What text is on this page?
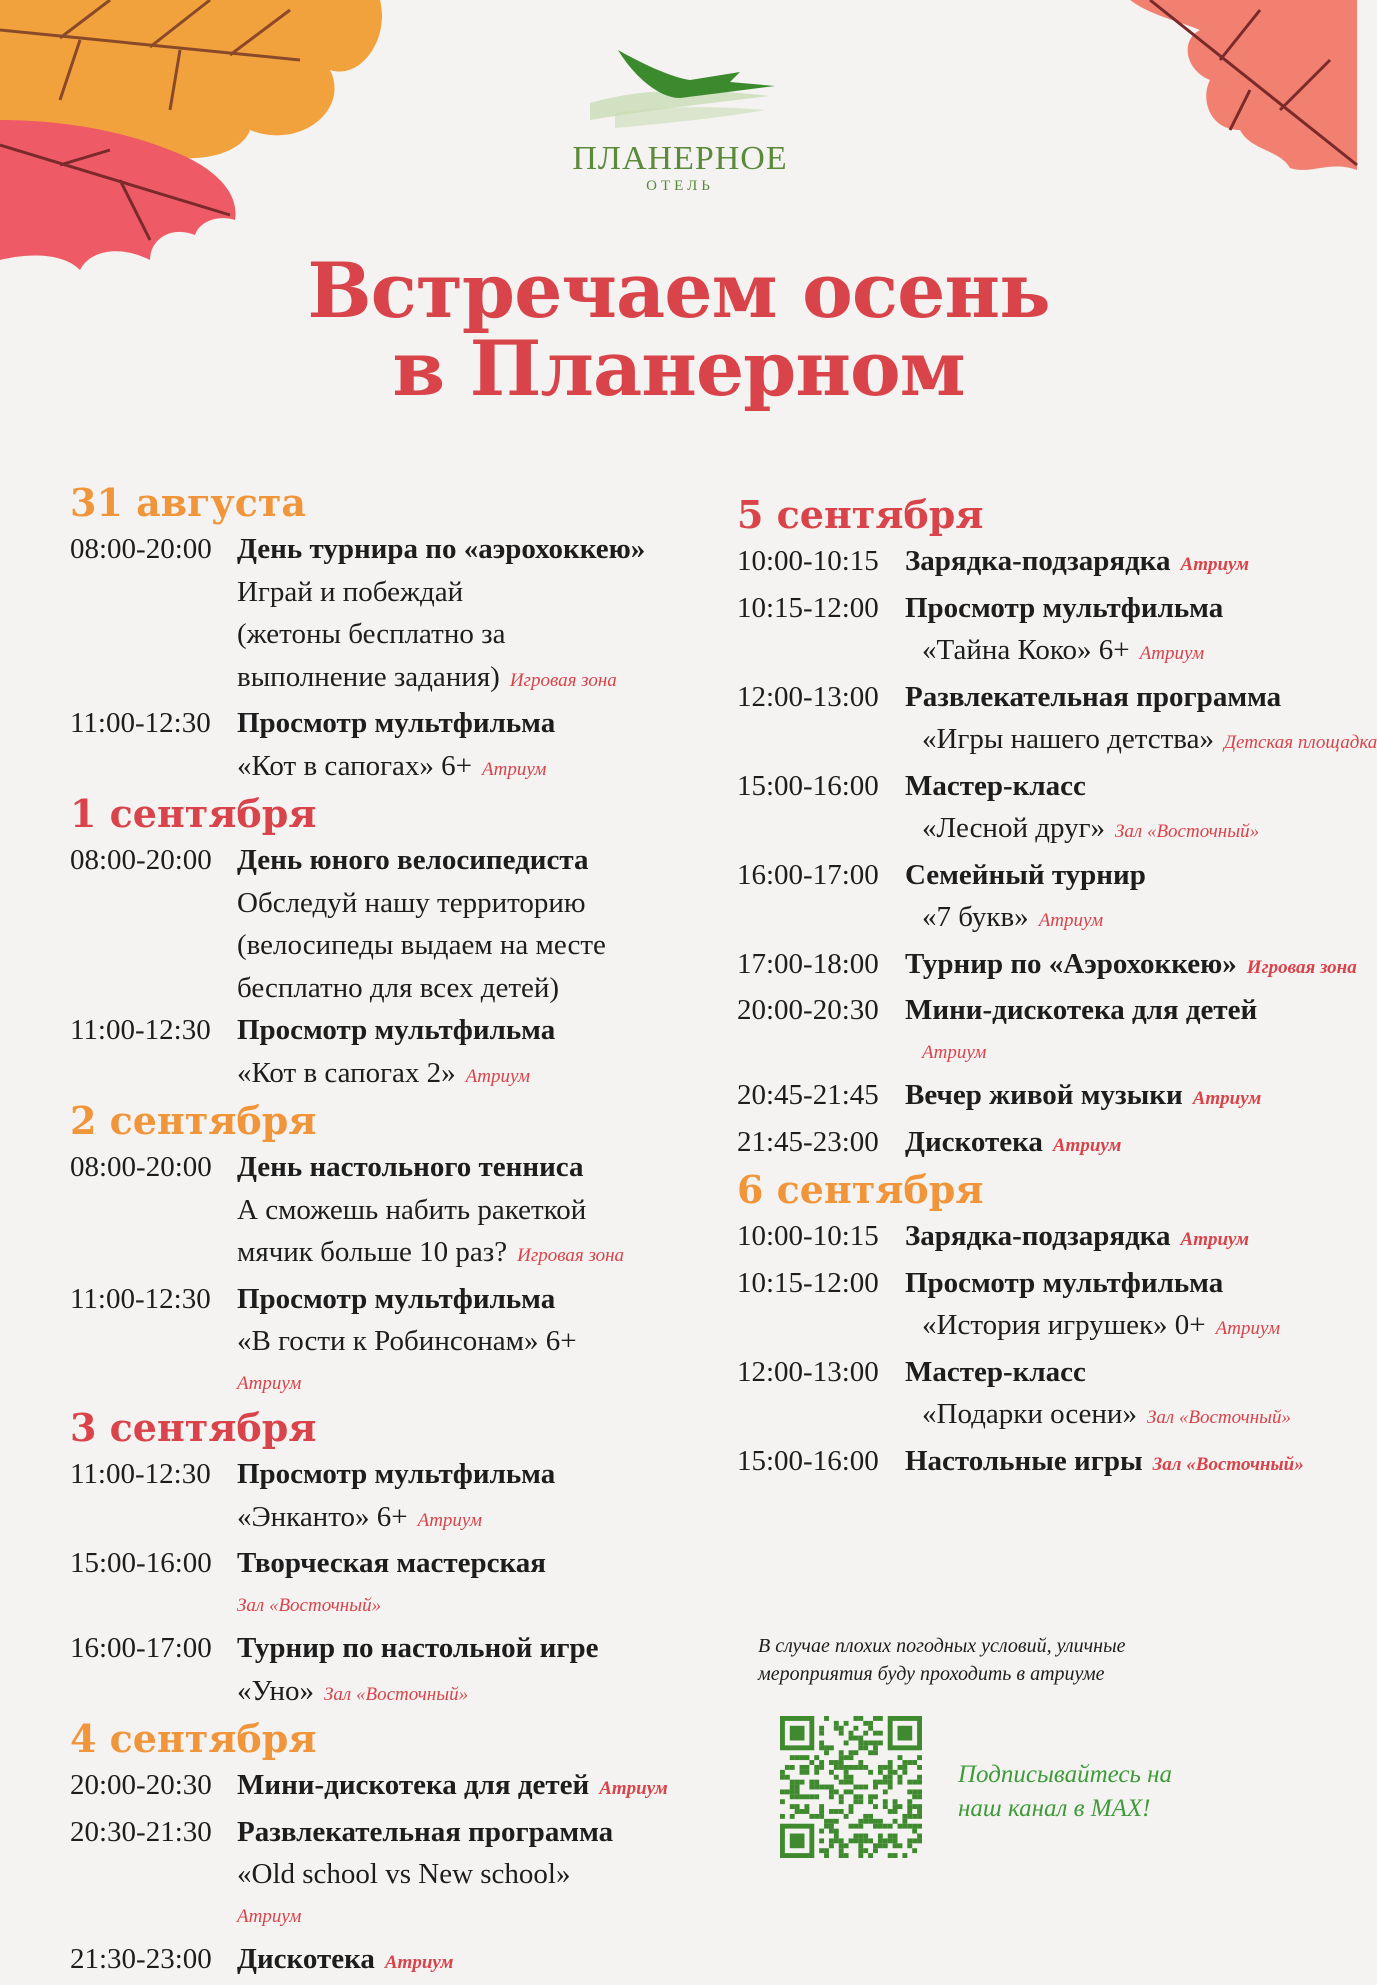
ПЛАНЕРНОЕ
ОТЕЛЬ
Встречаем осень
в Планерном
31 августа
08:00-20:00 День турнира по «аэрохоккею»
Играй и побеждай
(жетоны бесплатно за
выполнение задания) Игровая зона
11:00-12:30 Просмотр мультфильма
«Кот в сапогах» 6+ Атриум
1 сентября
08:00-20:00 День юного велосипедиста
Обследуй нашу территорию
(велосипеды выдаем на месте
бесплатно для всех детей)
11:00-12:30 Просмотр мультфильма
«Кот в сапогах 2» Атриум
2 сентября
08:00-20:00 День настольного тенниса
А сможешь набить ракеткой
мячик больше 10 раз? Игровая зона
11:00-12:30 Просмотр мультфильма
«В гости к Робинсонам» 6+
Атриум
3 сентября
11:00-12:30 Просмотр мультфильма
«Энканто» 6+ Атриум
15:00-16:00 Творческая мастерская
Зал «Восточный»
16:00-17:00 Турнир по настольной игре
«Уно» Зал «Восточный»
4 сентября
20:00-20:30 Мини-дискотека для детей Атриум
20:30-21:30 Развлекательная программа
«Old school vs New school»
Атриум
21:30-23:00 Дискотека Атриум
5 сентября
10:00-10:15 Зарядка-подзарядка Атриум
10:15-12:00 Просмотр мультфильма
«Тайна Коко» 6+ Атриум
12:00-13:00 Развлекательная программа
«Игры нашего детства» Детская площадка
15:00-16:00 Мастер-класс
«Лесной друг» Зал «Восточный»
16:00-17:00 Семейный турнир
«7 букв» Атриум
17:00-18:00 Турнир по «Аэрохоккею» Игровая зона
20:00-20:30 Мини-дискотека для детей
Атриум
20:45-21:45 Вечер живой музыки Атриум
21:45-23:00 Дискотека Атриум
6 сентября
10:00-10:15 Зарядка-подзарядка Атриум
10:15-12:00 Просмотр мультфильма
«История игрушек» 0+ Атриум
12:00-13:00 Мастер-класс
«Подарки осени» Зал «Восточный»
15:00-16:00 Настольные игры Зал «Восточный»
В случае плохих погодных условий, уличные мероприятия буду проходить в атриуме
Подписывайтесь на
наш канал в MAX!
